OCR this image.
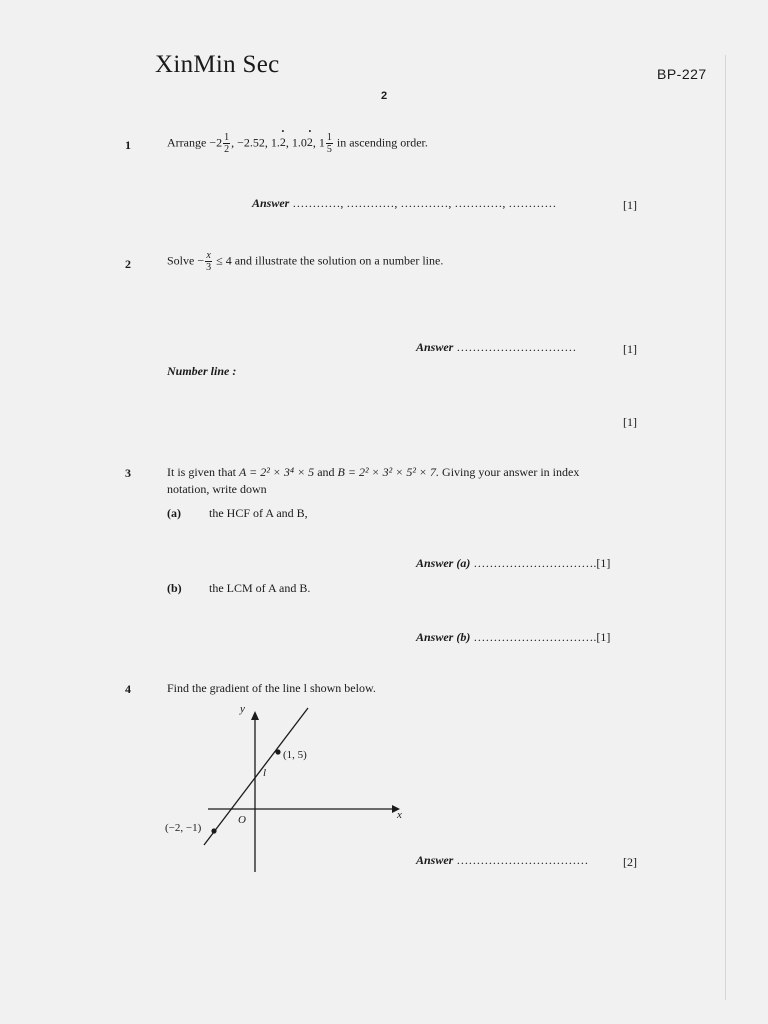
XinMin Sec	BP-227
2
1	Arrange $-2 \frac{1}{2}$ , −2.52, 1.• 2, 1.0• 2, $1 \frac{1}{5}$ in ascending order.
Answer …………, …………, …………, …………, …………	[1]
2	Solve − $\frac{x}{3} \le 4$ and illustrate the solution on a number line.
Answer …………………………	[1]
Number line :
[1]
3	It is given that A = 2² × 3⁴ × 5 and B = 2² × 3² × 5² × 7. Giving your answer in index
notation, write down
(a) the HCF of A and B,
Answer (a) ………………………….[1]
(b) the LCM of A and B.
Answer (b) ………………………….[1]
4	Find the gradient of the line l shown below.
y
x
O
l
(1, 5)
(−2, −1)
Answer ……………………………	[2]
